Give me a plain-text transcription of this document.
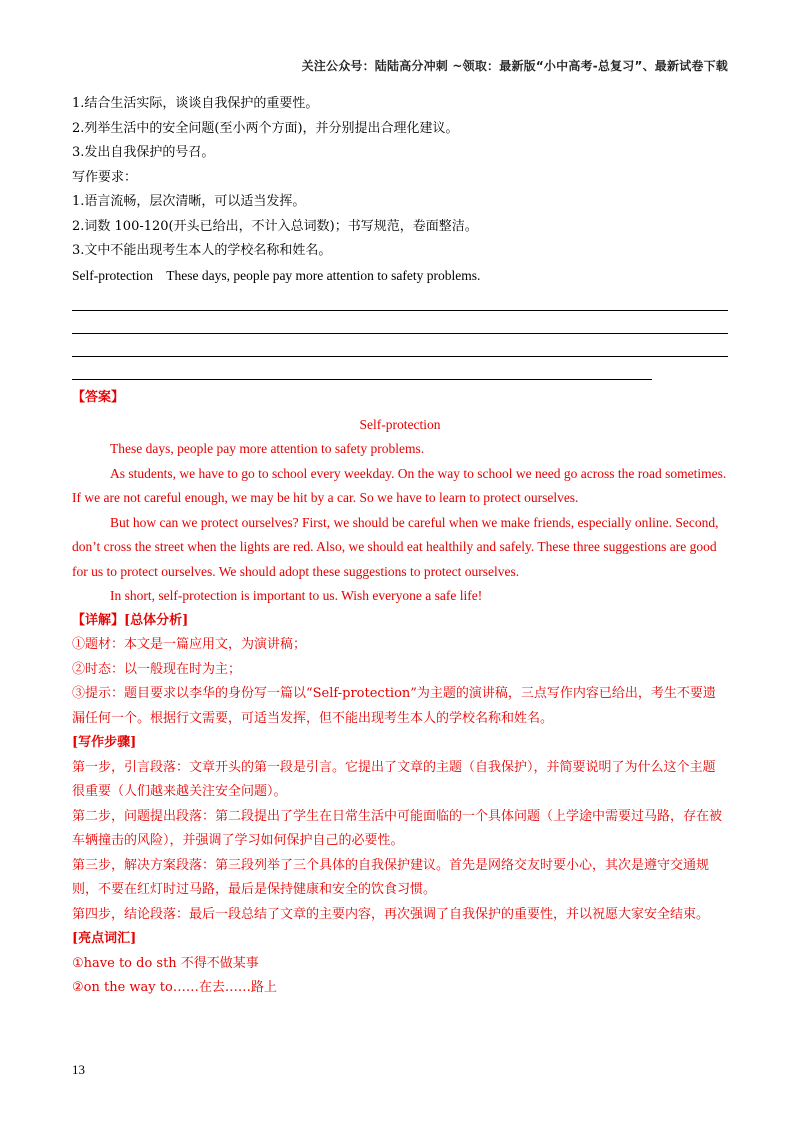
关注公众号：陆陆高分冲刺 ~领取：最新版“小中高考-总复习”、最新试卷下载
1.结合生活实际，谈谈自我保护的重要性。
2.列举生活中的安全问题(至小两个方面)，并分别提出合理化建议。
3.发出自我保护的号召。
写作要求：
1.语言流畅，层次清晰，可以适当发挥。
2.词数 100-120(开头已给出，不计入总词数)；书写规范，卷面整洁。
3.文中不能出现考生本人的学校名称和姓名。
Self-protection    These days, people pay more attention to safety problems.
【答案】
Self-protection
These days, people pay more attention to safety problems.
As students, we have to go to school every weekday. On the way to school we need go across the road sometimes. If we are not careful enough, we may be hit by a car. So we have to learn to protect ourselves.
But how can we protect ourselves? First, we should be careful when we make friends, especially online. Second, don’t cross the street when the lights are red. Also, we should eat healthily and safely. These three suggestions are good for us to protect ourselves. We should adopt these suggestions to protect ourselves.
In short, self-protection is important to us. Wish everyone a safe life!
【详解】[总体分析]
①题材：本文是一篇应用文，为演讲稿；
②时态：以一般现在时为主；
③提示：题目要求以李华的身份写一篇以“Self-protection”为主题的演讲稿，三点写作内容已给出，考生不要遗漏任何一个。根据行文需要，可适当发挥，但不能出现考生本人的学校名称和姓名。
[写作步骤]
第一步，引言段落：文章开头的第一段是引言。它提出了文章的主题（自我保护），并简要说明了为什么这个主题很重要（人们越来越关注安全问题）。
第二步，问题提出段落：第二段提出了学生在日常生活中可能面临的一个具体问题（上学途中需要过马路，存在被车辆撞击的风险），并强调了学习如何保护自己的必要性。
第三步，解决方案段落：第三段列举了三个具体的自我保护建议。首先是网络交友时要小心，其次是遵守交通规则，不要在红灯时过马路，最后是保持健康和安全的饮食习惯。
第四步，结论段落：最后一段总结了文章的主要内容，再次强调了自我保护的重要性，并以祝愿大家安全结束。
[亮点词汇]
①have to do sth 不得不做某事
②on the way to……在去……路上
13
